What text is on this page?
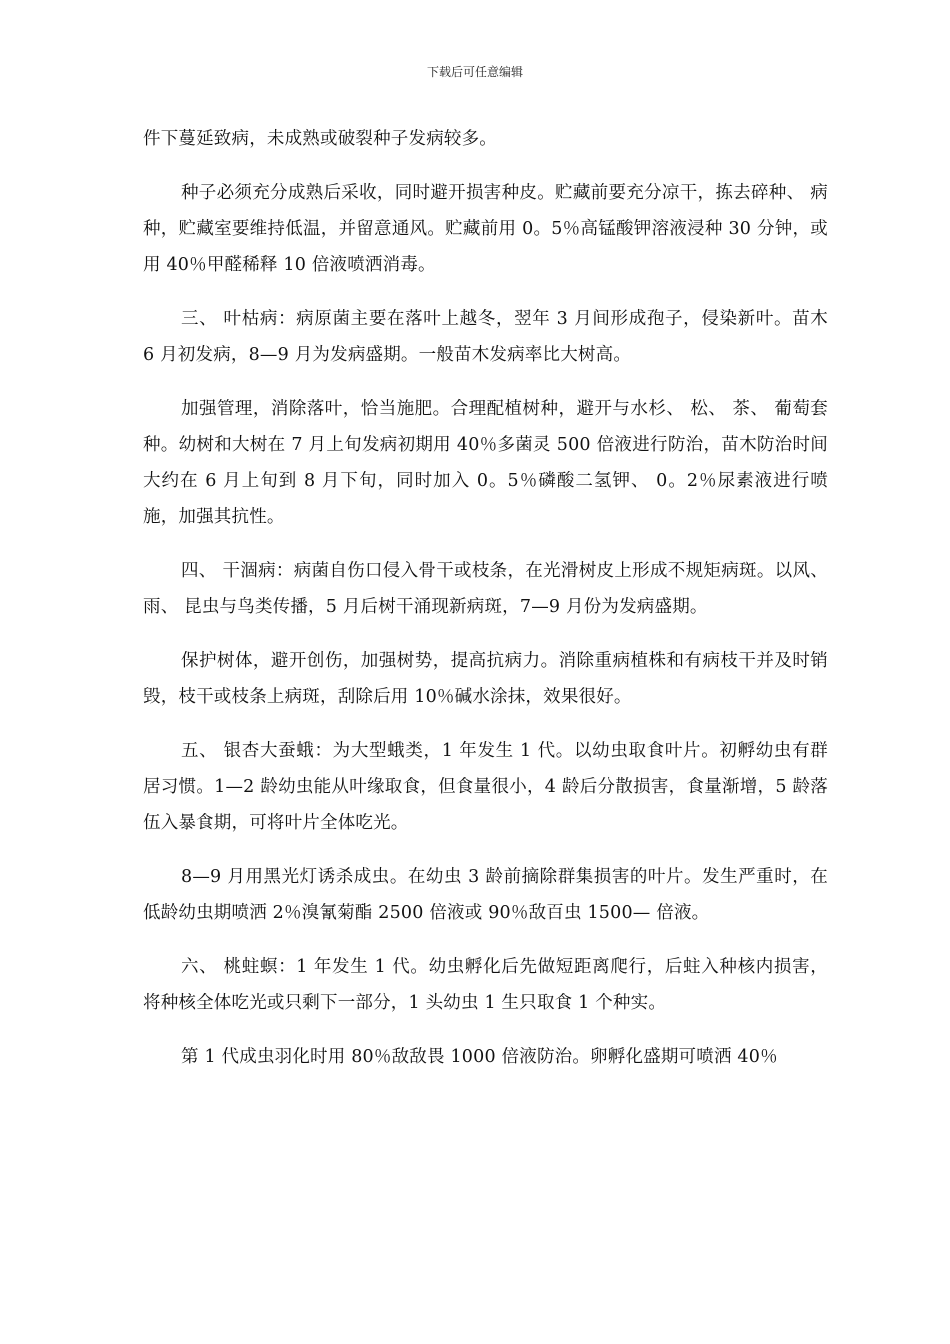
下载后可任意编辑

件下蔓延致病，未成熟或破裂种子发病较多。

种子必须充分成熟后采收，同时避开损害种皮。贮藏前要充分凉干，拣去碎种、 病种，贮藏室要维持低温，并留意通风。贮藏前用 0。5％高锰酸钾溶液浸种 30 分钟，或用 40％甲醛稀释 10 倍液喷洒消毒。

三、 叶枯病：病原菌主要在落叶上越冬，翌年 3 月间形成孢子，侵染新叶。苗木 6 月初发病，8—9 月为发病盛期。一般苗木发病率比大树高。

加强管理，消除落叶，恰当施肥。合理配植树种，避开与水杉、 松、 茶、 葡萄套种。幼树和大树在 7 月上旬发病初期用 40％多菌灵 500 倍液进行防治，苗木防治时间大约在 6 月上旬到 8 月下旬，同时加入 0。5％磷酸二氢钾、 0。2％尿素液进行喷施，加强其抗性。

四、 干涸病：病菌自伤口侵入骨干或枝条，在光滑树皮上形成不规矩病斑。以风、 雨、 昆虫与鸟类传播，5 月后树干涌现新病斑，7—9 月份为发病盛期。

保护树体，避开创伤，加强树势，提高抗病力。消除重病植株和有病枝干并及时销毁，枝干或枝条上病斑，刮除后用 10％碱水涂抹，效果很好。

五、 银杏大蚕蛾：为大型蛾类，1 年发生 1 代。以幼虫取食叶片。初孵幼虫有群居习惯。1—2 龄幼虫能从叶缘取食，但食量很小，4 龄后分散损害，食量渐增，5 龄落伍入暴食期，可将叶片全体吃光。

8—9 月用黑光灯诱杀成虫。在幼虫 3 龄前摘除群集损害的叶片。发生严重时，在低龄幼虫期喷洒 2％溴氰菊酯 2500 倍液或 90％敌百虫 1500— 倍液。

六、 桃蛀螟：1 年发生 1 代。幼虫孵化后先做短距离爬行，后蛀入种核内损害，将种核全体吃光或只剩下一部分，1 头幼虫 1 生只取食 1 个种实。

第 1 代成虫羽化时用 80％敌敌畏 1000 倍液防治。卵孵化盛期可喷洒 40％
